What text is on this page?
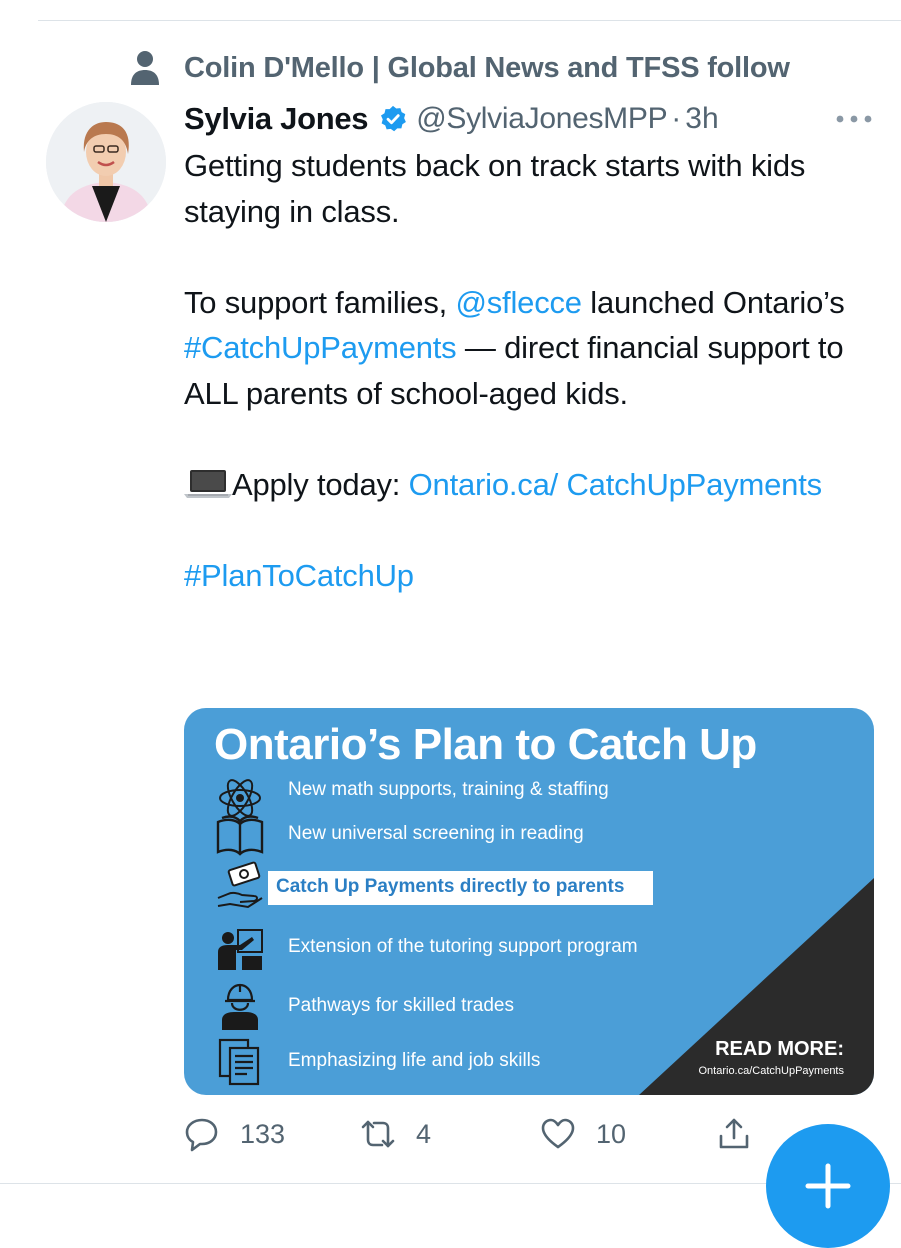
Colin D'Mello | Global News and TFSS follow
Sylvia Jones @SylviaJonesMPP · 3h

Getting students back on track starts with kids staying in class.

To support families, @sflecce launched Ontario’s #CatchUpPayments — direct financial support to ALL parents of school-aged kids.

Apply today: Ontario.ca/ CatchUpPayments

#PlanToCatchUp

Ontario’s Plan to Catch Up
New math supports, training & staffing
New universal screening in reading
Catch Up Payments directly to parents
Extension of the tutoring support program
Pathways for skilled trades
Emphasizing life and job skills
READ MORE:
Ontario.ca/CatchUpPayments
133	4	10
